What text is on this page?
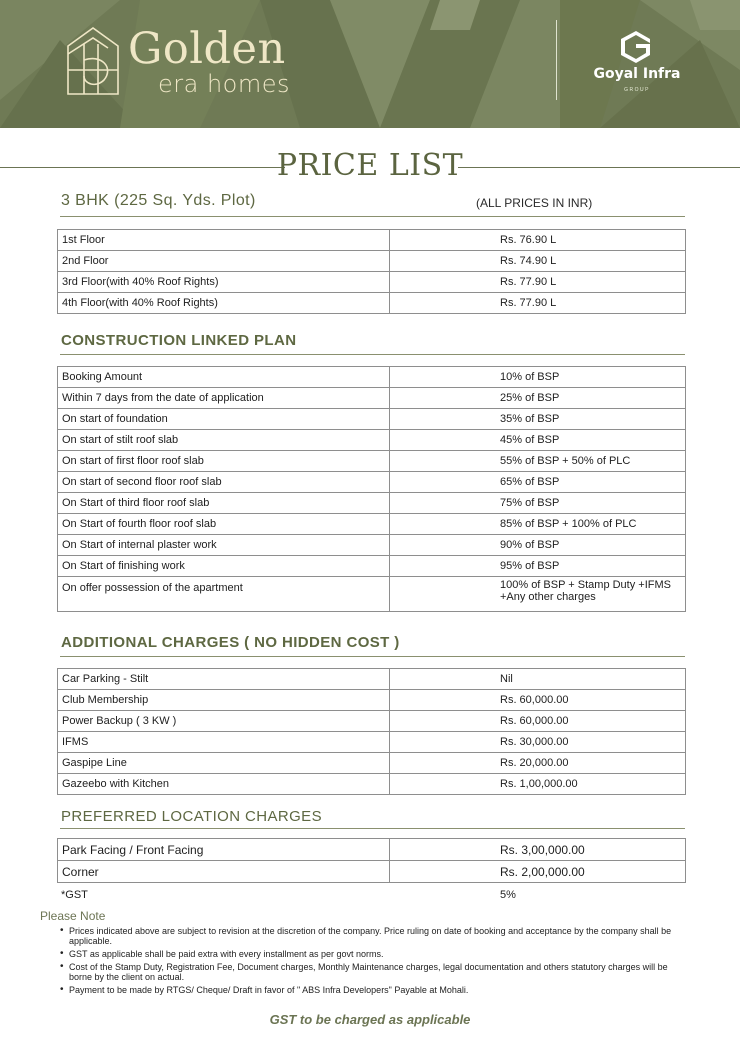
Golden
era homes	Goyal Infra
GROUP
PRICE LIST
3 BHK (225 Sq. Yds. Plot)	(ALL PRICES IN INR)
1st Floor	Rs. 76.90 L
2nd Floor	Rs. 74.90 L
3rd Floor(with 40% Roof Rights)	Rs. 77.90 L
4th Floor(with 40% Roof Rights)	Rs. 77.90 L
CONSTRUCTION LINKED PLAN
Booking Amount	10% of BSP
Within 7 days from the date of application	25% of BSP
On start of foundation	35% of BSP
On start of stilt roof slab	45% of BSP
On start of first floor roof slab	55% of BSP + 50% of PLC
On start of second floor roof slab	65% of BSP
On Start of third floor roof slab	75% of BSP
On Start of fourth floor roof slab	85% of BSP + 100% of PLC
On Start of internal plaster work	90% of BSP
On Start of finishing work	95% of BSP
On offer possession of the apartment	100% of BSP + Stamp Duty +IFMS
+Any other charges
ADDITIONAL CHARGES ( NO HIDDEN COST )
Car Parking - Stilt	Nil
Club Membership	Rs. 60,000.00
Power Backup ( 3 KW )	Rs. 60,000.00
IFMS	Rs. 30,000.00
Gaspipe Line	Rs. 20,000.00
Gazeebo with Kitchen	Rs. 1,00,000.00
PREFERRED LOCATION CHARGES
Park Facing / Front Facing	Rs. 3,00,000.00
Corner	Rs. 2,00,000.00
*GST	5%
Please Note
• Prices indicated above are subject to revision at the discretion of the company. Price ruling on date of booking and acceptance by the company shall be applicable.
• GST as applicable shall be paid extra with every installment as per govt norms.
• Cost of the Stamp Duty, Registration Fee, Document charges, Monthly Maintenance charges, legal documentation and others statutory charges will be borne by the client on actual.
• Payment to be made by RTGS/ Cheque/ Draft in favor of " ABS Infra Developers" Payable at Mohali.
GST to be charged as applicable
